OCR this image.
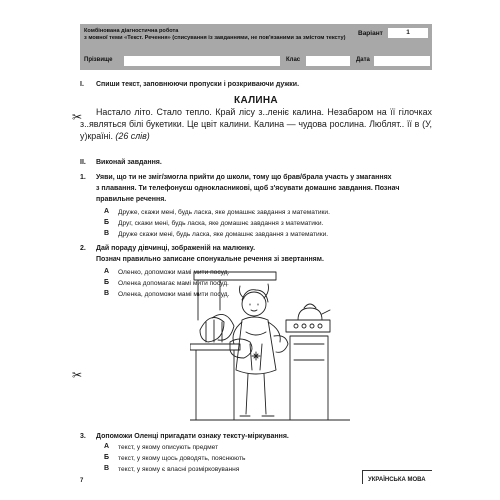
Комбінована діагностична робота
з мовної теми «Текст. Речення» (списування із завданнями, не пов'язаними за змістом тексту)
Варіант	1
Прізвище	Клас	Дата
✂
✂
I. Спиши текст, заповнюючи пропуски і розкриваючи дужки.
КАЛИНА
Настало літо. Стало тепло. Край лісу з..леніє калина. Незабаром на її гілочках з..являться білі букетики. Це цвіт калини. Калина — чудова рослина. Люблят.. її в (У, у)країні. (26 слів)
II. Виконай завдання.
1. Уяви, що ти не зміг/змогла прийти до школи, тому що брав/брала участь у змаганнях
з плавання. Ти телефонуєш однокласникові, щоб з'ясувати домашнє завдання. Познач
правильне речення.
А Друже, скажи мені, будь ласка, яке домашнє завдання з математики.
Б Друг, скажи мені, будь ласка, яке домашнє завдання з математики.
В Друже скажи мені, будь ласка, яке домашнє завдання з математики.
2. Дай пораду дівчинці, зображеній на малюнку.
Познач правильно записане спонукальне речення зі звертанням.
А Оленко, допоможи мамі мити посуд.
Б Оленка допомагає мамі мити посуд.
В Оленка, допоможи мамі мити посуд.
3. Допоможи Оленці пригадати ознаку тексту-міркування.
А текст, у якому описують предмет
Б текст, у якому щось доводять, пояснюють
В текст, у якому є власні розмірковування
7	УКРАЇНСЬКА МОВА
